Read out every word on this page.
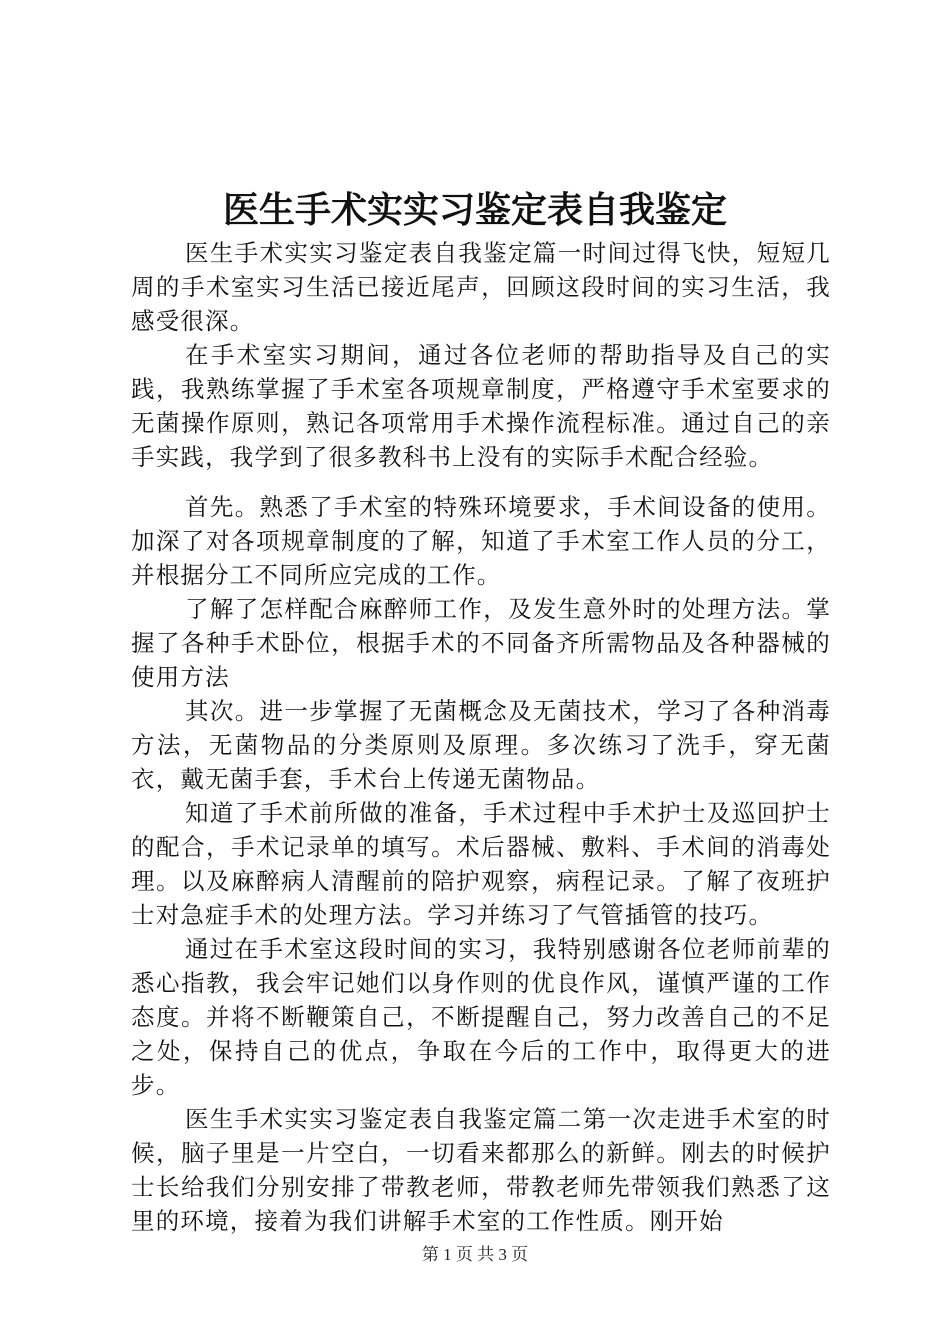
医生手术实实习鉴定表自我鉴定

医生手术实实习鉴定表自我鉴定篇一时间过得飞快，短短几周的手术室实习生活已接近尾声，回顾这段时间的实习生活，我感受很深。

在手术室实习期间，通过各位老师的帮助指导及自己的实践，我熟练掌握了手术室各项规章制度，严格遵守手术室要求的无菌操作原则，熟记各项常用手术操作流程标准。通过自己的亲手实践，我学到了很多教科书上没有的实际手术配合经验。

首先。熟悉了手术室的特殊环境要求，手术间设备的使用。加深了对各项规章制度的了解，知道了手术室工作人员的分工，并根据分工不同所应完成的工作。

了解了怎样配合麻醉师工作，及发生意外时的处理方法。掌握了各种手术卧位，根据手术的不同备齐所需物品及各种器械的使用方法

其次。进一步掌握了无菌概念及无菌技术，学习了各种消毒方法，无菌物品的分类原则及原理。多次练习了洗手，穿无菌衣，戴无菌手套，手术台上传递无菌物品。

知道了手术前所做的准备，手术过程中手术护士及巡回护士的配合，手术记录单的填写。术后器械、敷料、手术间的消毒处理。以及麻醉病人清醒前的陪护观察，病程记录。了解了夜班护士对急症手术的处理方法。学习并练习了气管插管的技巧。

通过在手术室这段时间的实习，我特别感谢各位老师前辈的悉心指教，我会牢记她们以身作则的优良作风，谨慎严谨的工作态度。并将不断鞭策自己，不断提醒自己，努力改善自己的不足之处，保持自己的优点，争取在今后的工作中，取得更大的进步。

医生手术实实习鉴定表自我鉴定篇二第一次走进手术室的时候，脑子里是一片空白，一切看来都那么的新鲜。刚去的时候护士长给我们分别安排了带教老师，带教老师先带领我们熟悉了这里的环境，接着为我们讲解手术室的工作性质。刚开始

第 1 页 共 3 页
